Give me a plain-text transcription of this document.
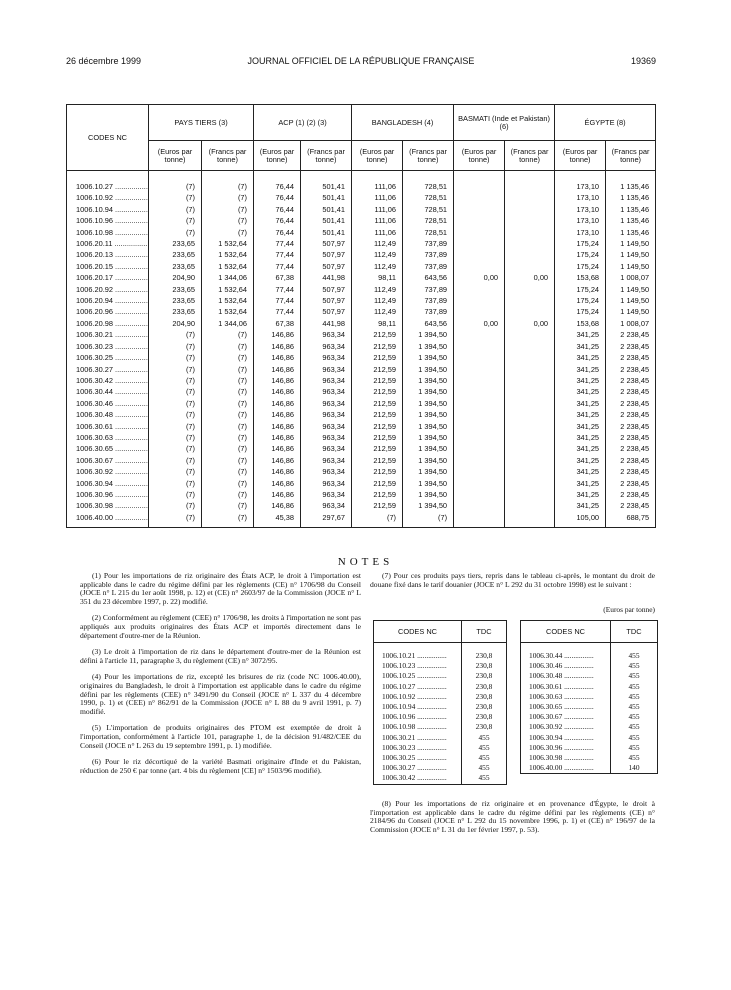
26 décembre 1999	JOURNAL OFFICIEL DE LA RÉPUBLIQUE FRANÇAISE	19369
CODES NC	PAYS TIERS (3)		ACP (1) (2) (3)		BANGLADESH (4)		BASMATI (Inde et Pakistan) (6)		ÉGYPTE (8)	
	(Euros par tonne)	(Francs par tonne)	(Euros par tonne)	(Francs par tonne)	(Euros par tonne)	(Francs par tonne)	(Euros par tonne)	(Francs par tonne)	(Euros par tonne)	(Francs par tonne)
1006.10.27 ................	(7)	(7)	76,44	501,41	111,06	728,51			173,10	1 135,46
1006.10.92 ................	(7)	(7)	76,44	501,41	111,06	728,51			173,10	1 135,46
1006.10.94 ................	(7)	(7)	76,44	501,41	111,06	728,51			173,10	1 135,46
1006.10.96 ................	(7)	(7)	76,44	501,41	111,06	728,51			173,10	1 135,46
1006.10.98 ................	(7)	(7)	76,44	501,41	111,06	728,51			173,10	1 135,46
1006.20.11 ................	233,65	1 532,64	77,44	507,97	112,49	737,89			175,24	1 149,50
1006.20.13 ................	233,65	1 532,64	77,44	507,97	112,49	737,89			175,24	1 149,50
1006.20.15 ................	233,65	1 532,64	77,44	507,97	112,49	737,89			175,24	1 149,50
1006.20.17 ................	204,90	1 344,06	67,38	441,98	98,11	643,56	0,00	0,00	153,68	1 008,07
1006.20.92 ................	233,65	1 532,64	77,44	507,97	112,49	737,89			175,24	1 149,50
1006.20.94 ................	233,65	1 532,64	77,44	507,97	112,49	737,89			175,24	1 149,50
1006.20.96 ................	233,65	1 532,64	77,44	507,97	112,49	737,89			175,24	1 149,50
1006.20.98 ................	204,90	1 344,06	67,38	441,98	98,11	643,56	0,00	0,00	153,68	1 008,07
1006.30.21 ................	(7)	(7)	146,86	963,34	212,59	1 394,50			341,25	2 238,45
1006.30.23 ................	(7)	(7)	146,86	963,34	212,59	1 394,50			341,25	2 238,45
1006.30.25 ................	(7)	(7)	146,86	963,34	212,59	1 394,50			341,25	2 238,45
1006.30.27 ................	(7)	(7)	146,86	963,34	212,59	1 394,50			341,25	2 238,45
1006.30.42 ................	(7)	(7)	146,86	963,34	212,59	1 394,50			341,25	2 238,45
1006.30.44 ................	(7)	(7)	146,86	963,34	212,59	1 394,50			341,25	2 238,45
1006.30.46 ................	(7)	(7)	146,86	963,34	212,59	1 394,50			341,25	2 238,45
1006.30.48 ................	(7)	(7)	146,86	963,34	212,59	1 394,50			341,25	2 238,45
1006.30.61 ................	(7)	(7)	146,86	963,34	212,59	1 394,50			341,25	2 238,45
1006.30.63 ................	(7)	(7)	146,86	963,34	212,59	1 394,50			341,25	2 238,45
1006.30.65 ................	(7)	(7)	146,86	963,34	212,59	1 394,50			341,25	2 238,45
1006.30.67 ................	(7)	(7)	146,86	963,34	212,59	1 394,50			341,25	2 238,45
1006.30.92 ................	(7)	(7)	146,86	963,34	212,59	1 394,50			341,25	2 238,45
1006.30.94 ................	(7)	(7)	146,86	963,34	212,59	1 394,50			341,25	2 238,45
1006.30.96 ................	(7)	(7)	146,86	963,34	212,59	1 394,50			341,25	2 238,45
1006.30.98 ................	(7)	(7)	146,86	963,34	212,59	1 394,50			341,25	2 238,45
1006.40.00 ................	(7)	(7)	45,38	297,67	(7)	(7)			105,00	688,75
NOTES

(1) Pour les importations de riz originaire des États ACP, le droit à l'importation est applicable dans le cadre du régime défini par les règlements (CE) n° 1706/98 du Conseil (JOCE n° L 215 du 1er août 1998, p. 12) et (CE) n° 2603/97 de la Commission (JOCE n° L 351 du 23 décembre 1997, p. 22) modifié.

(2) Conformément au règlement (CEE) n° 1706/98, les droits à l'importation ne sont pas appliqués aux produits originaires des États ACP et importés directement dans le département d'outre-mer de la Réunion.

(3) Le droit à l'importation de riz dans le département d'outre-mer de la Réunion est défini à l'article 11, paragraphe 3, du règlement (CE) n° 3072/95.

(4) Pour les importations de riz, excepté les brisures de riz (code NC 1006.40.00), originaires du Bangladesh, le droit à l'importation est applicable dans le cadre du régime défini par les règlements (CEE) n° 3491/90 du Conseil (JOCE n° L 337 du 4 décembre 1990, p. 1) et (CEE) n° 862/91 de la Commission (JOCE n° L 88 du 9 avril 1991, p. 7) modifié.

(5) L'importation de produits originaires des PTOM est exemptée de droit à l'importation, conformément à l'article 101, paragraphe 1, de la décision 91/482/CEE du Conseil (JOCE n° L 263 du 19 septembre 1991, p. 1) modifiée.

(6) Pour le riz décortiqué de la variété Basmati originaire d'Inde et du Pakistan, réduction de 250 € par tonne (art. 4 bis du règlement [CE] n° 1503/96 modifié).

(7) Pour ces produits pays tiers, repris dans le tableau ci-après, le montant du droit de douane fixé dans le tarif douanier (JOCE n° L 292 du 31 octobre 1998) est le suivant :

(Euros par tonne)
CODES NC	TDC
1006.10.21 ................	230,8
1006.10.23 ................	230,8
1006.10.25 ................	230,8
1006.10.27 ................	230,8
1006.10.92 ................	230,8
1006.10.94 ................	230,8
1006.10.96 ................	230,8
1006.10.98 ................	230,8
1006.30.21 ................	455
1006.30.23 ................	455
1006.30.25 ................	455
1006.30.27 ................	455
1006.30.42 ................	455
CODES NC	TDC
1006.30.44 ................	455
1006.30.46 ................	455
1006.30.48 ................	455
1006.30.61 ................	455
1006.30.63 ................	455
1006.30.65 ................	455
1006.30.67 ................	455
1006.30.92 ................	455
1006.30.94 ................	455
1006.30.96 ................	455
1006.30.98 ................	455
1006.40.00 ................	140

(8) Pour les importations de riz originaire et en provenance d'Égypte, le droit à l'importation est applicable dans le cadre du régime défini par les règlements (CE) n° 2184/96 du Conseil (JOCE n° L 292 du 15 novembre 1996, p. 1) et (CE) n° 196/97 de la Commission (JOCE n° L 31 du 1er février 1997, p. 53).
